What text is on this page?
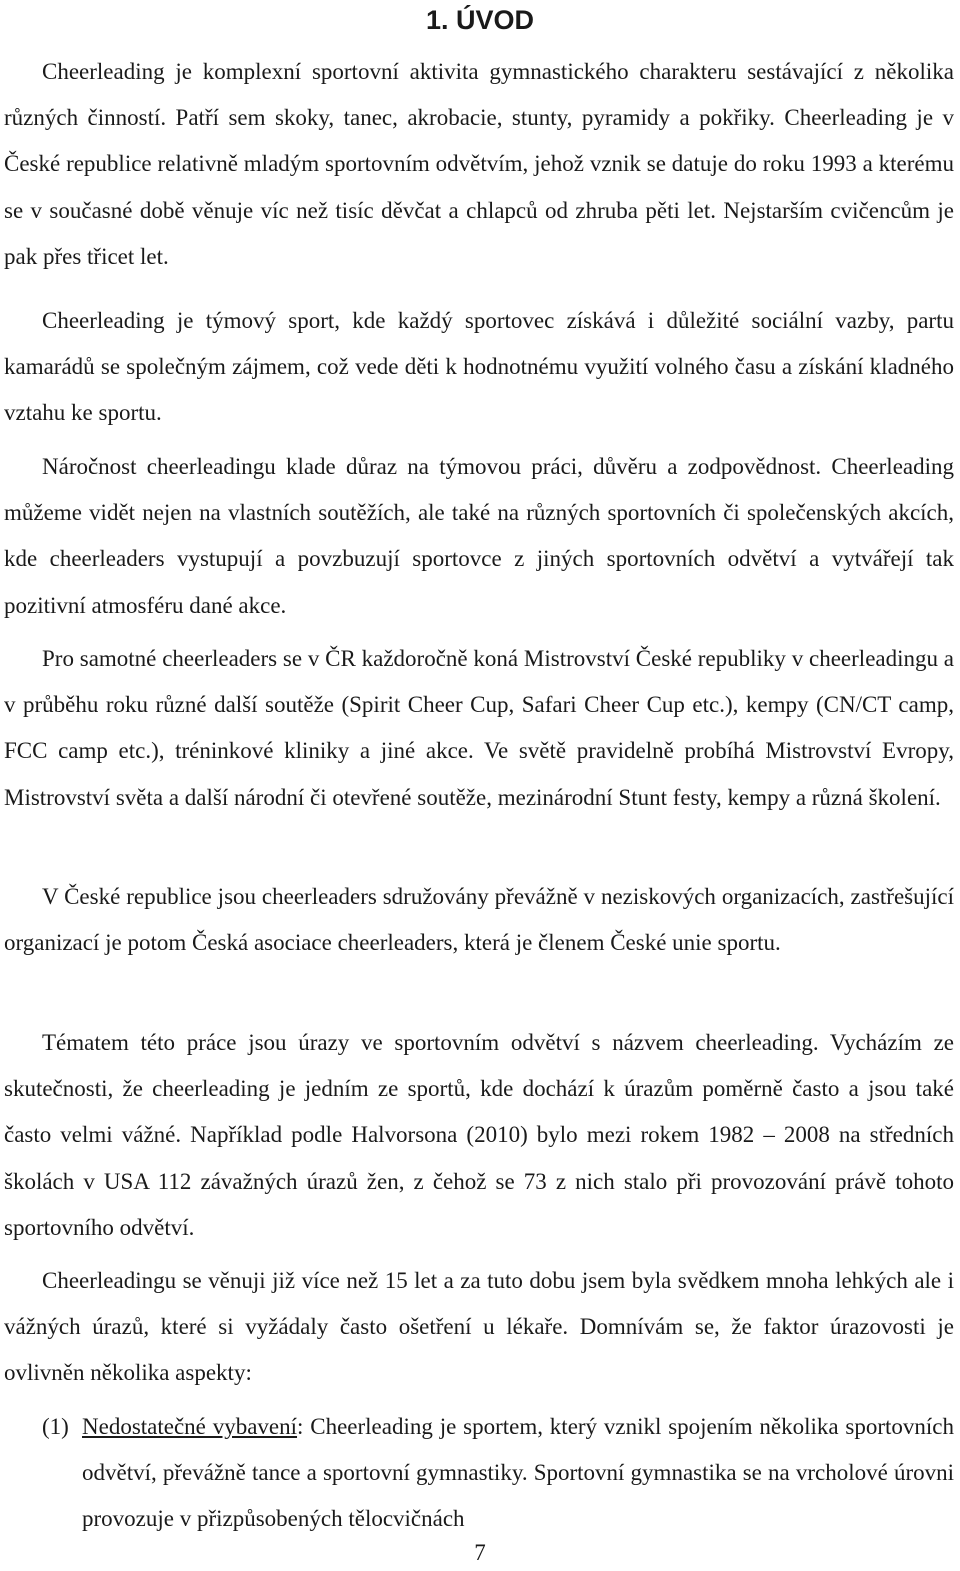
1. ÚVOD

Cheerleading je komplexní sportovní aktivita gymnastického charakteru sestávající z několika různých činností. Patří sem skoky, tanec, akrobacie, stunty, pyramidy a pokřiky. Cheerleading je v České republice relativně mladým sportovním odvětvím, jehož vznik se datuje do roku 1993 a kterému se v současné době věnuje víc než tisíc děvčat a chlapců od zhruba pěti let. Nejstarším cvičencům je pak přes třicet let.

Cheerleading je týmový sport, kde každý sportovec získává i důležité sociální vazby, partu kamarádů se společným zájmem, což vede děti k hodnotnému využití volného času a získání kladného vztahu ke sportu.

Náročnost cheerleadingu klade důraz na týmovou práci, důvěru a zodpovědnost. Cheerleading můžeme vidět nejen na vlastních soutěžích, ale také na různých sportovních či společenských akcích, kde cheerleaders vystupují a povzbuzují sportovce z jiných sportovních odvětví a vytvářejí tak pozitivní atmosféru dané akce.

Pro samotné cheerleaders se v ČR každoročně koná Mistrovství České republiky v cheerleadingu a v průběhu roku různé další soutěže (Spirit Cheer Cup, Safari Cheer Cup etc.), kempy (CN/CT camp, FCC camp etc.), tréninkové kliniky a jiné akce. Ve světě pravidelně probíhá Mistrovství Evropy, Mistrovství světa a další národní či otevřené soutěže, mezinárodní Stunt festy, kempy a různá školení.

V České republice jsou cheerleaders sdružovány převážně v neziskových organizacích, zastřešující organizací je potom Česká asociace cheerleaders, která je členem České unie sportu.

Tématem této práce jsou úrazy ve sportovním odvětví s názvem cheerleading. Vycházím ze skutečnosti, že cheerleading je jedním ze sportů, kde dochází k úrazům poměrně často a jsou také často velmi vážné. Například podle Halvorsona (2010) bylo mezi rokem 1982 – 2008 na středních školách v USA 112 závažných úrazů žen, z čehož se 73 z nich stalo při provozování právě tohoto sportovního odvětví.

Cheerleadingu se věnuji již více než 15 let a za tuto dobu jsem byla svědkem mnoha lehkých ale i vážných úrazů, které si vyžádaly často ošetření u lékaře. Domnívám se, že faktor úrazovosti je ovlivněn několika aspekty:

(1) Nedostatečné vybavení: Cheerleading je sportem, který vznikl spojením několika sportovních odvětví, převážně tance a sportovní gymnastiky. Sportovní gymnastika se na vrcholové úrovni provozuje v přizpůsobených tělocvičnách
7
